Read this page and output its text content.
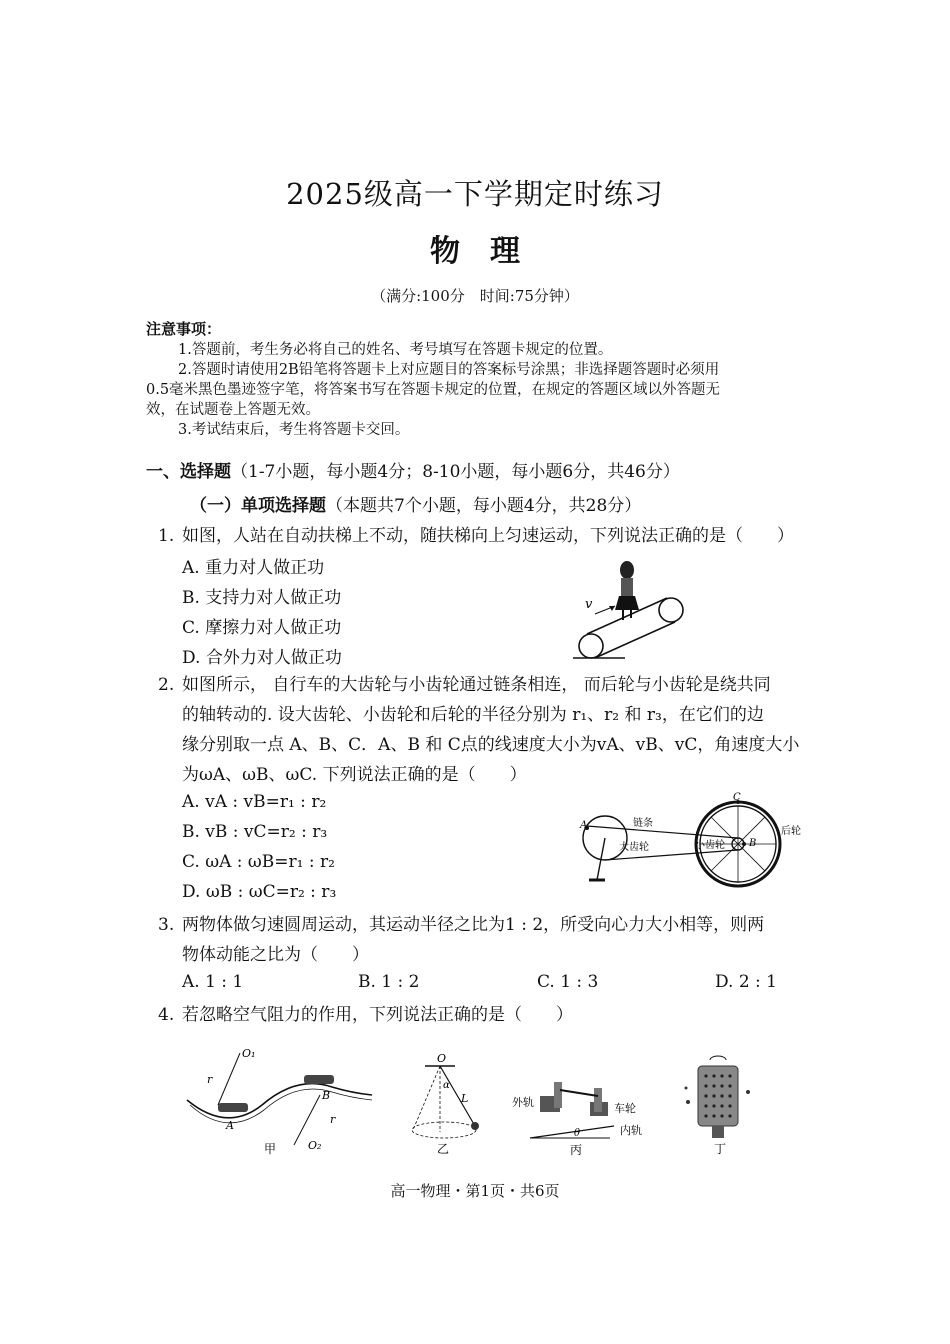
2025级高一下学期定时练习
物　理
（满分:100分　时间:75分钟）
注意事项：
1.答题前，考生务必将自己的姓名、考号填写在答题卡规定的位置。
2.答题时请使用2B铅笔将答题卡上对应题目的答案标号涂黑；非选择题答题时必须用
0.5毫米黑色墨迹签字笔，将答案书写在答题卡规定的位置，在规定的答题区域以外答题无
效，在试题卷上答题无效。
3.考试结束后，考生将答题卡交回。
一、选择题（1-7小题，每小题4分；8-10小题，每小题6分，共46分）
（一）单项选择题（本题共7个小题，每小题4分，共28分）
1. 如图，人站在自动扶梯上不动，随扶梯向上匀速运动，下列说法正确的是（　　）
A. 重力对人做正功
B. 支持力对人做正功
C. 摩擦力对人做正功
D. 合外力对人做正功
v
2. 如图所示， 自行车的大齿轮与小齿轮通过链条相连， 而后轮与小齿轮是绕共同
的轴转动的. 设大齿轮、小齿轮和后轮的半径分别为 r₁、r₂ 和 r₃，在它们的边
缘分别取一点 A、B、C．A、B 和 C点的线速度大小为vA、vB、vC，角速度大小
为ωA、ωB、ωC. 下列说法正确的是（　　）
A. vA : vB=r₁ : r₂
B. vB : vC=r₂ : r₃
C. ωA : ωB=r₁ : r₂
D. ωB : ωC=r₂ : r₃
A
B
C
链条
大齿轮	小齿轮
后轮
3. 两物体做匀速圆周运动，其运动半径之比为1 : 2，所受向心力大小相等，则两
物体动能之比为（　　）
A. 1 : 1	B. 1 : 2	C. 1 : 3	D. 2 : 1
4. 若忽略空气阻力的作用，下列说法正确的是（　　）
O₁
r
r
O₂
A
B
甲
O
α
L
乙
外轨	车轮
内轨
θ
丙	丁
高一物理・第1页・共6页
